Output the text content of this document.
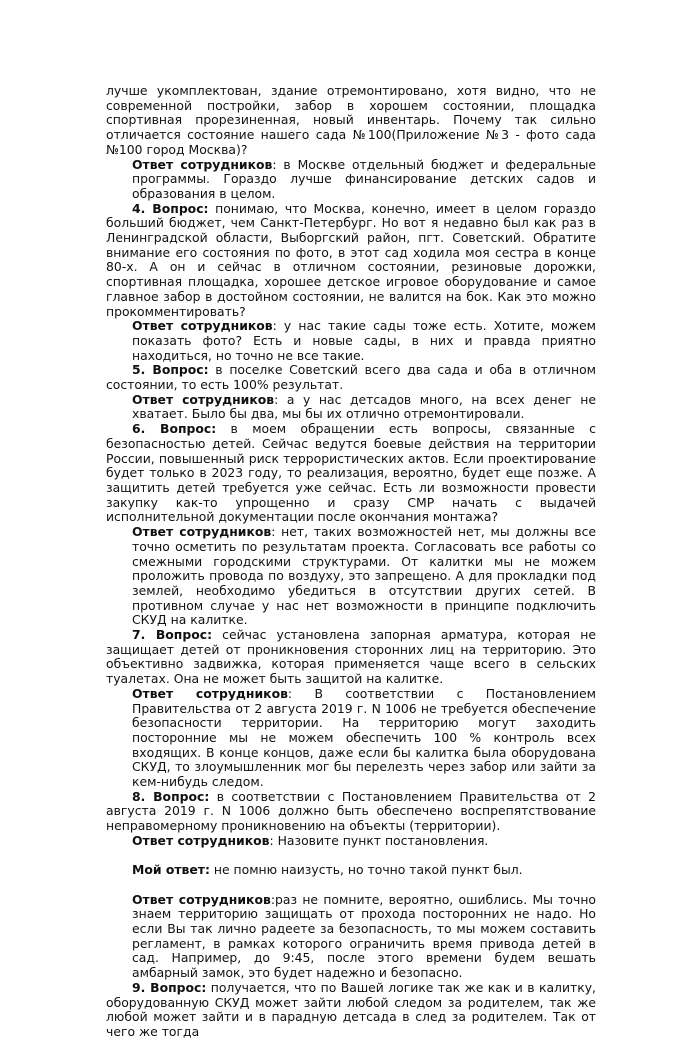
лучше укомплектован, здание отремонтировано, хотя видно, что не современной постройки, забор в хорошем состоянии, площадка спортивная прорезиненная, новый инвентарь. Почему так сильно отличается состояние нашего сада №100(Приложение №3 - фото сада №100 город Москва)?

Ответ сотрудников: в Москве отдельный бюджет и федеральные программы. Гораздо лучше финансирование детских садов и образования в целом.

4. Вопрос: понимаю, что Москва, конечно, имеет в целом гораздо больший бюджет, чем Санкт-Петербург. Но вот я недавно был как раз в Ленинградской области, Выборгский район, пгт. Советский. Обратите внимание его состояния по фото, в этот сад ходила моя сестра в конце 80-х. А он и сейчас в отличном состоянии, резиновые дорожки, спортивная площадка, хорошее детское игровое оборудование и самое главное забор в достойном состоянии, не валится на бок. Как это можно прокомментировать?

Ответ сотрудников: у нас такие сады тоже есть. Хотите, можем показать фото? Есть и новые сады, в них и правда приятно находиться, но точно не все такие.

5. Вопрос: в поселке Советский всего два сада и оба в отличном состоянии, то есть 100% результат.

Ответ сотрудников: а у нас детсадов много, на всех денег не хватает. Было бы два, мы бы их отлично отремонтировали.

6. Вопрос: в моем обращении есть вопросы, связанные с безопасностью детей. Сейчас ведутся боевые действия на территории России, повышенный риск террористических актов. Если проектирование будет только в 2023 году, то реализация, вероятно, будет еще позже. А защитить детей требуется уже сейчас. Есть ли возможности провести закупку как-то упрощенно и сразу СМР начать с выдачей исполнительной документации после окончания монтажа?

Ответ сотрудников: нет, таких возможностей нет, мы должны все точно осметить по результатам проекта. Согласовать все работы со смежными городскими структурами. От калитки мы не можем проложить провода по воздуху, это запрещено. А для прокладки под землей, необходимо убедиться в отсутствии других сетей. В противном случае у нас нет возможности в принципе подключить СКУД на калитке.

7. Вопрос: сейчас установлена запорная арматура, которая не защищает детей от проникновения сторонних лиц на территорию. Это объективно задвижка, которая применяется чаще всего в сельских туалетах. Она не может быть защитой на калитке.

Ответ сотрудников: В соответствии с Постановлением Правительства от 2 августа 2019 г. N 1006 не требуется обеспечение безопасности территории. На территорию могут заходить посторонние мы не можем обеспечить 100 % контроль всех входящих. В конце концов, даже если бы калитка была оборудована СКУД, то злоумышленник мог бы перелезть через забор или зайти за кем-нибудь следом.

8. Вопрос: в соответствии с Постановлением Правительства от 2 августа 2019 г. N 1006 должно быть обеспечено воспрепятствование неправомерному проникновению на объекты (территории).

Ответ сотрудников: Назовите пункт постановления.

Мой ответ: не помню наизусть, но точно такой пункт был.

Ответ сотрудников:раз не помните, вероятно, ошиблись. Мы точно знаем территорию защищать от прохода посторонних не надо. Но если Вы так лично радеете за безопасность, то мы можем составить регламент, в рамках которого ограничить время привода детей в сад. Например, до 9:45, после этого времени будем вешать амбарный замок, это будет надежно и безопасно.

9. Вопрос: получается, что по Вашей логике так же как и в калитку, оборудованную СКУД может зайти любой следом за родителем, так же любой может зайти и в парадную детсада в след за родителем. Так от чего же тогда
